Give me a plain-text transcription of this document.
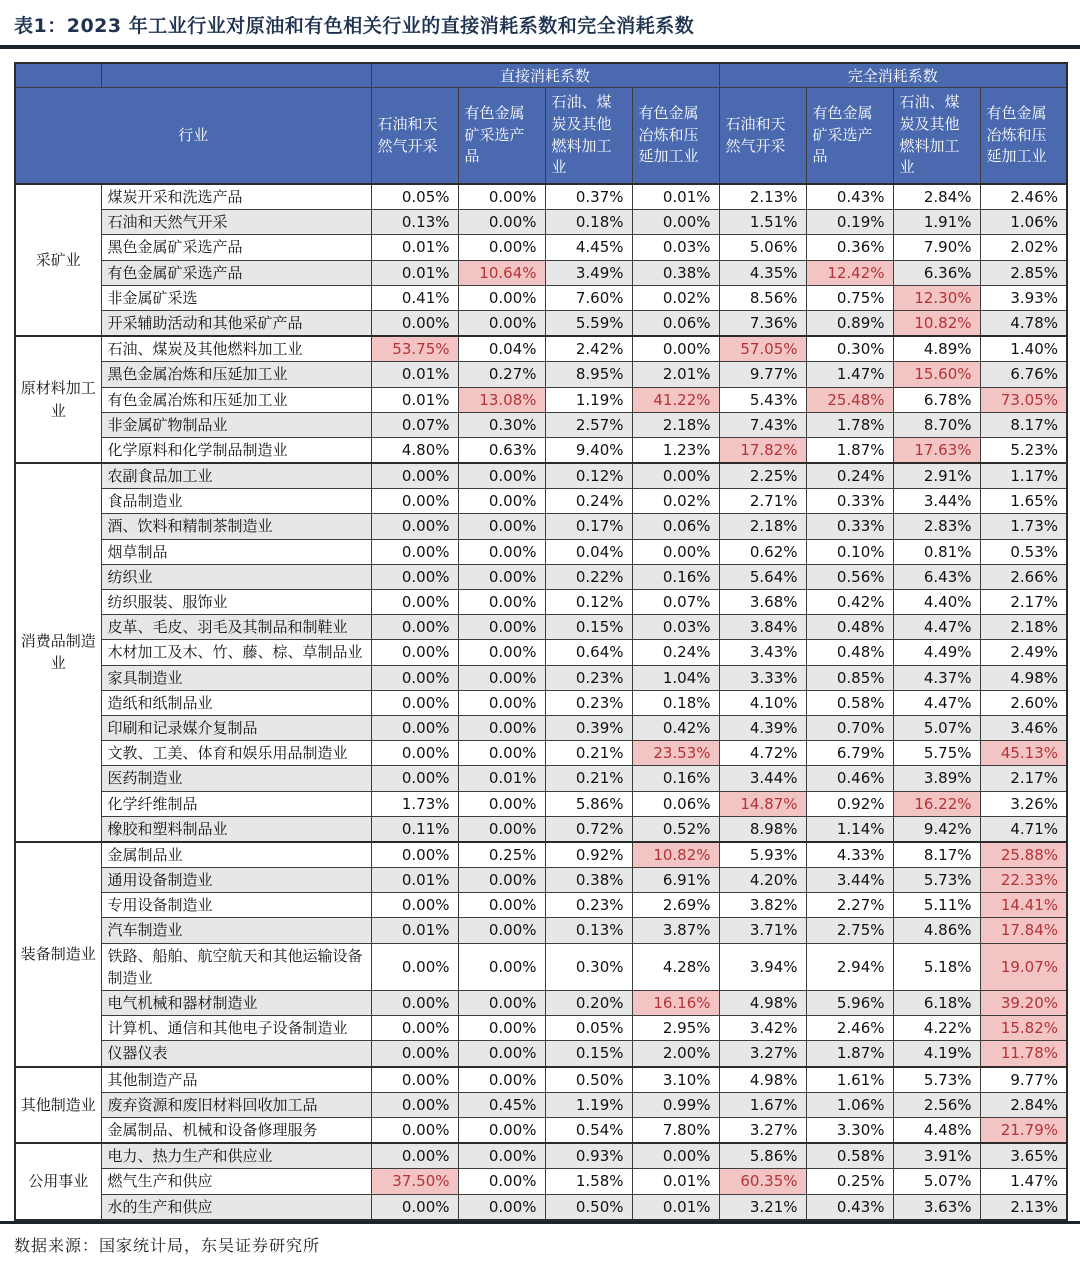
表1：2023 年工业行业对原油和有色相关行业的直接消耗系数和完全消耗系数
		直接消耗系数				完全消耗系数			
行业		石油和天然气开采	有色金属矿采选产品	石油、煤炭及其他燃料加工业	有色金属冶炼和压延加工业	石油和天然气开采	有色金属矿采选产品	石油、煤炭及其他燃料加工业	有色金属冶炼和压延加工业
采矿业	煤炭开采和洗选产品	0.05%	0.00%	0.37%	0.01%	2.13%	0.43%	2.84%	2.46%
	石油和天然气开采	0.13%	0.00%	0.18%	0.00%	1.51%	0.19%	1.91%	1.06%
	黑色金属矿采选产品	0.01%	0.00%	4.45%	0.03%	5.06%	0.36%	7.90%	2.02%
	有色金属矿采选产品	0.01%	10.64%	3.49%	0.38%	4.35%	12.42%	6.36%	2.85%
	非金属矿采选	0.41%	0.00%	7.60%	0.02%	8.56%	0.75%	12.30%	3.93%
	开采辅助活动和其他采矿产品	0.00%	0.00%	5.59%	0.06%	7.36%	0.89%	10.82%	4.78%
原材料加工业	石油、煤炭及其他燃料加工业	53.75%	0.04%	2.42%	0.00%	57.05%	0.30%	4.89%	1.40%
	黑色金属冶炼和压延加工业	0.01%	0.27%	8.95%	2.01%	9.77%	1.47%	15.60%	6.76%
	有色金属冶炼和压延加工业	0.01%	13.08%	1.19%	41.22%	5.43%	25.48%	6.78%	73.05%
	非金属矿物制品业	0.07%	0.30%	2.57%	2.18%	7.43%	1.78%	8.70%	8.17%
	化学原料和化学制品制造业	4.80%	0.63%	9.40%	1.23%	17.82%	1.87%	17.63%	5.23%
消费品制造业	农副食品加工业	0.00%	0.00%	0.12%	0.00%	2.25%	0.24%	2.91%	1.17%
	食品制造业	0.00%	0.00%	0.24%	0.02%	2.71%	0.33%	3.44%	1.65%
	酒、饮料和精制茶制造业	0.00%	0.00%	0.17%	0.06%	2.18%	0.33%	2.83%	1.73%
	烟草制品	0.00%	0.00%	0.04%	0.00%	0.62%	0.10%	0.81%	0.53%
	纺织业	0.00%	0.00%	0.22%	0.16%	5.64%	0.56%	6.43%	2.66%
	纺织服装、服饰业	0.00%	0.00%	0.12%	0.07%	3.68%	0.42%	4.40%	2.17%
	皮革、毛皮、羽毛及其制品和制鞋业	0.00%	0.00%	0.15%	0.03%	3.84%	0.48%	4.47%	2.18%
	木材加工及木、竹、藤、棕、草制品业	0.00%	0.00%	0.64%	0.24%	3.43%	0.48%	4.49%	2.49%
	家具制造业	0.00%	0.00%	0.23%	1.04%	3.33%	0.85%	4.37%	4.98%
	造纸和纸制品业	0.00%	0.00%	0.23%	0.18%	4.10%	0.58%	4.47%	2.60%
	印刷和记录媒介复制品	0.00%	0.00%	0.39%	0.42%	4.39%	0.70%	5.07%	3.46%
	文教、工美、体育和娱乐用品制造业	0.00%	0.00%	0.21%	23.53%	4.72%	6.79%	5.75%	45.13%
	医药制造业	0.00%	0.01%	0.21%	0.16%	3.44%	0.46%	3.89%	2.17%
	化学纤维制品	1.73%	0.00%	5.86%	0.06%	14.87%	0.92%	16.22%	3.26%
	橡胶和塑料制品业	0.11%	0.00%	0.72%	0.52%	8.98%	1.14%	9.42%	4.71%
装备制造业	金属制品业	0.00%	0.25%	0.92%	10.82%	5.93%	4.33%	8.17%	25.88%
	通用设备制造业	0.01%	0.00%	0.38%	6.91%	4.20%	3.44%	5.73%	22.33%
	专用设备制造业	0.00%	0.00%	0.23%	2.69%	3.82%	2.27%	5.11%	14.41%
	汽车制造业	0.01%	0.00%	0.13%	3.87%	3.71%	2.75%	4.86%	17.84%
	铁路、船舶、航空航天和其他运输设备制造业	0.00%	0.00%	0.30%	4.28%	3.94%	2.94%	5.18%	19.07%
	电气机械和器材制造业	0.00%	0.00%	0.20%	16.16%	4.98%	5.96%	6.18%	39.20%
	计算机、通信和其他电子设备制造业	0.00%	0.00%	0.05%	2.95%	3.42%	2.46%	4.22%	15.82%
	仪器仪表	0.00%	0.00%	0.15%	2.00%	3.27%	1.87%	4.19%	11.78%
其他制造业	其他制造产品	0.00%	0.00%	0.50%	3.10%	4.98%	1.61%	5.73%	9.77%
	废弃资源和废旧材料回收加工品	0.00%	0.45%	1.19%	0.99%	1.67%	1.06%	2.56%	2.84%
	金属制品、机械和设备修理服务	0.00%	0.00%	0.54%	7.80%	3.27%	3.30%	4.48%	21.79%
公用事业	电力、热力生产和供应业	0.00%	0.00%	0.93%	0.00%	5.86%	0.58%	3.91%	3.65%
	燃气生产和供应	37.50%	0.00%	1.58%	0.01%	60.35%	0.25%	5.07%	1.47%
	水的生产和供应	0.00%	0.00%	0.50%	0.01%	3.21%	0.43%	3.63%	2.13%
数据来源：国家统计局，东吴证券研究所
